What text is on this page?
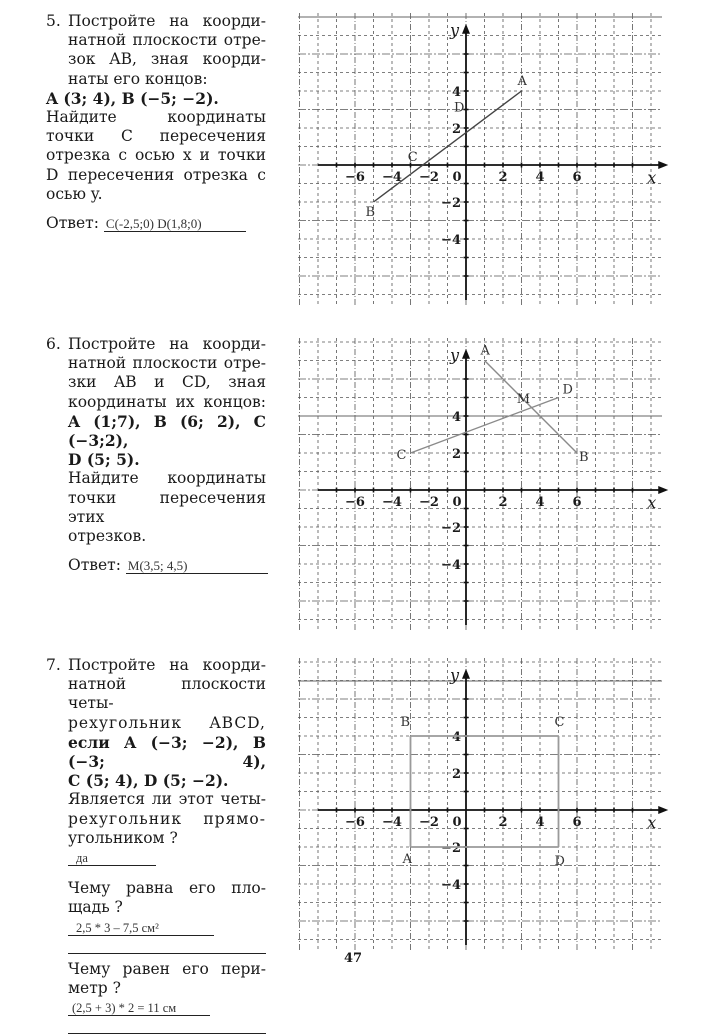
5. Постройте на коорди-

натной плоскости отре-

зок AB, зная коорди-

наты его концов:

A (3; 4), B (−5; −2).

Найдите координаты

точки C пересечения

отрезка с осью x и точки

D пересечения отрезка с

осью y.

Ответ: C(-2,5;0) D(1,8;0)

−6 −4 −2 0	2 4 6
4
2
−2
−4
x
y
A
B
C
D

6. Постройте на коорди-

натной плоскости отре-

зки AB и CD, зная

координаты их концов:

A (1;7), B (6; 2), C (−3;2),

D (5; 5).

Найдите координаты

точки пересечения этих

отрезков.

Ответ: M(3,5; 4,5)

−6 −4 −2 0	2 4 6
4
2
−2
−4
x
y A
B
C
D
M

7. Постройте на коорди-

натной плоскости четы-

рехугольник ABCD,

если A (−3; −2), B (−3; 4),

C (5; 4), D (5; −2).

Является ли этот четы-

рехугольник прямо-

угольником ? да

Чему равна его пло-

щадь ? 2,5 * 3 – 7,5 см²

Чему равен его пери-

метр ? (2,5 + 3) * 2 = 11 см

−6 −4 −2 0	2 4 6
4
2
−2
−4
x
y
A
B	C
D
47
